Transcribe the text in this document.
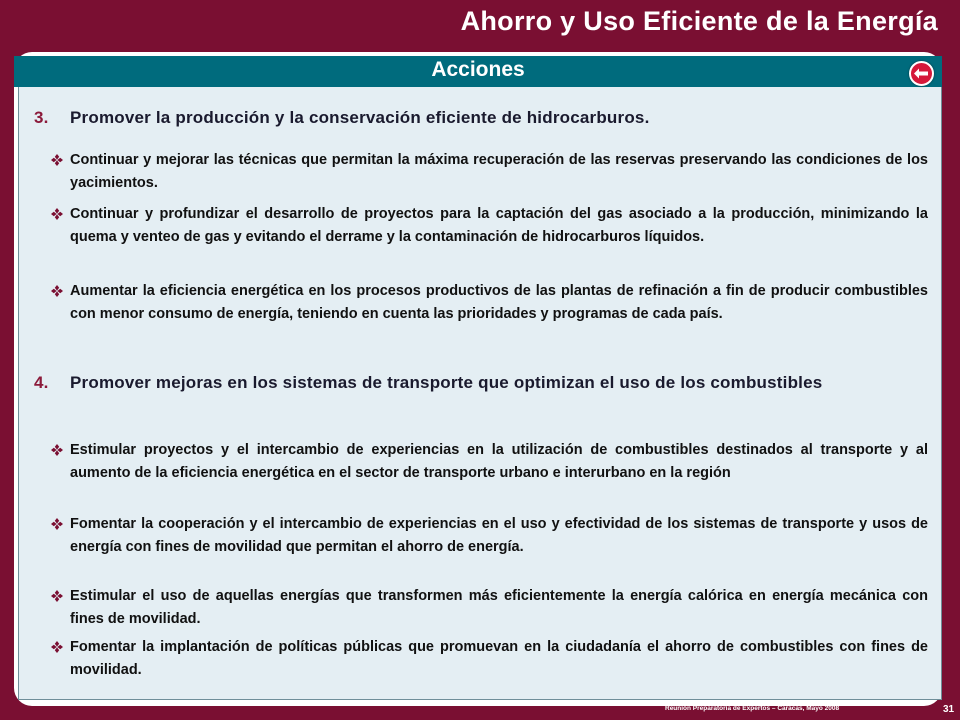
Ahorro y Uso Eficiente de la Energía
Acciones
3. Promover la producción y la conservación eficiente de hidrocarburos.
Continuar y mejorar las técnicas que permitan la máxima recuperación de las reservas preservando las condiciones de los yacimientos.
Continuar y profundizar el desarrollo de proyectos para la captación del gas asociado a la producción, minimizando la quema y venteo de gas y evitando el derrame y la contaminación de hidrocarburos líquidos.
Aumentar la eficiencia energética en los procesos productivos de las plantas de refinación a fin de producir combustibles con menor consumo de energía, teniendo en cuenta las prioridades y programas de cada país.
4. Promover mejoras en los sistemas de transporte que optimizan el uso de los combustibles
Estimular proyectos y el intercambio de experiencias en la utilización de combustibles destinados al transporte y al aumento de la eficiencia energética en el sector de transporte urbano e interurbano en la región
Fomentar la cooperación y el intercambio de experiencias en el uso y efectividad de los sistemas de transporte y usos de energía con fines de movilidad que permitan el ahorro de energía.
Estimular el uso de aquellas energías que transformen más eficientemente la energía calórica en energía mecánica con fines de movilidad.
Fomentar la implantación de políticas públicas que promuevan en la ciudadanía el ahorro de combustibles con fines de movilidad.
Reunión Preparatoria de Expertos – Caracas, Mayo 2008	31
